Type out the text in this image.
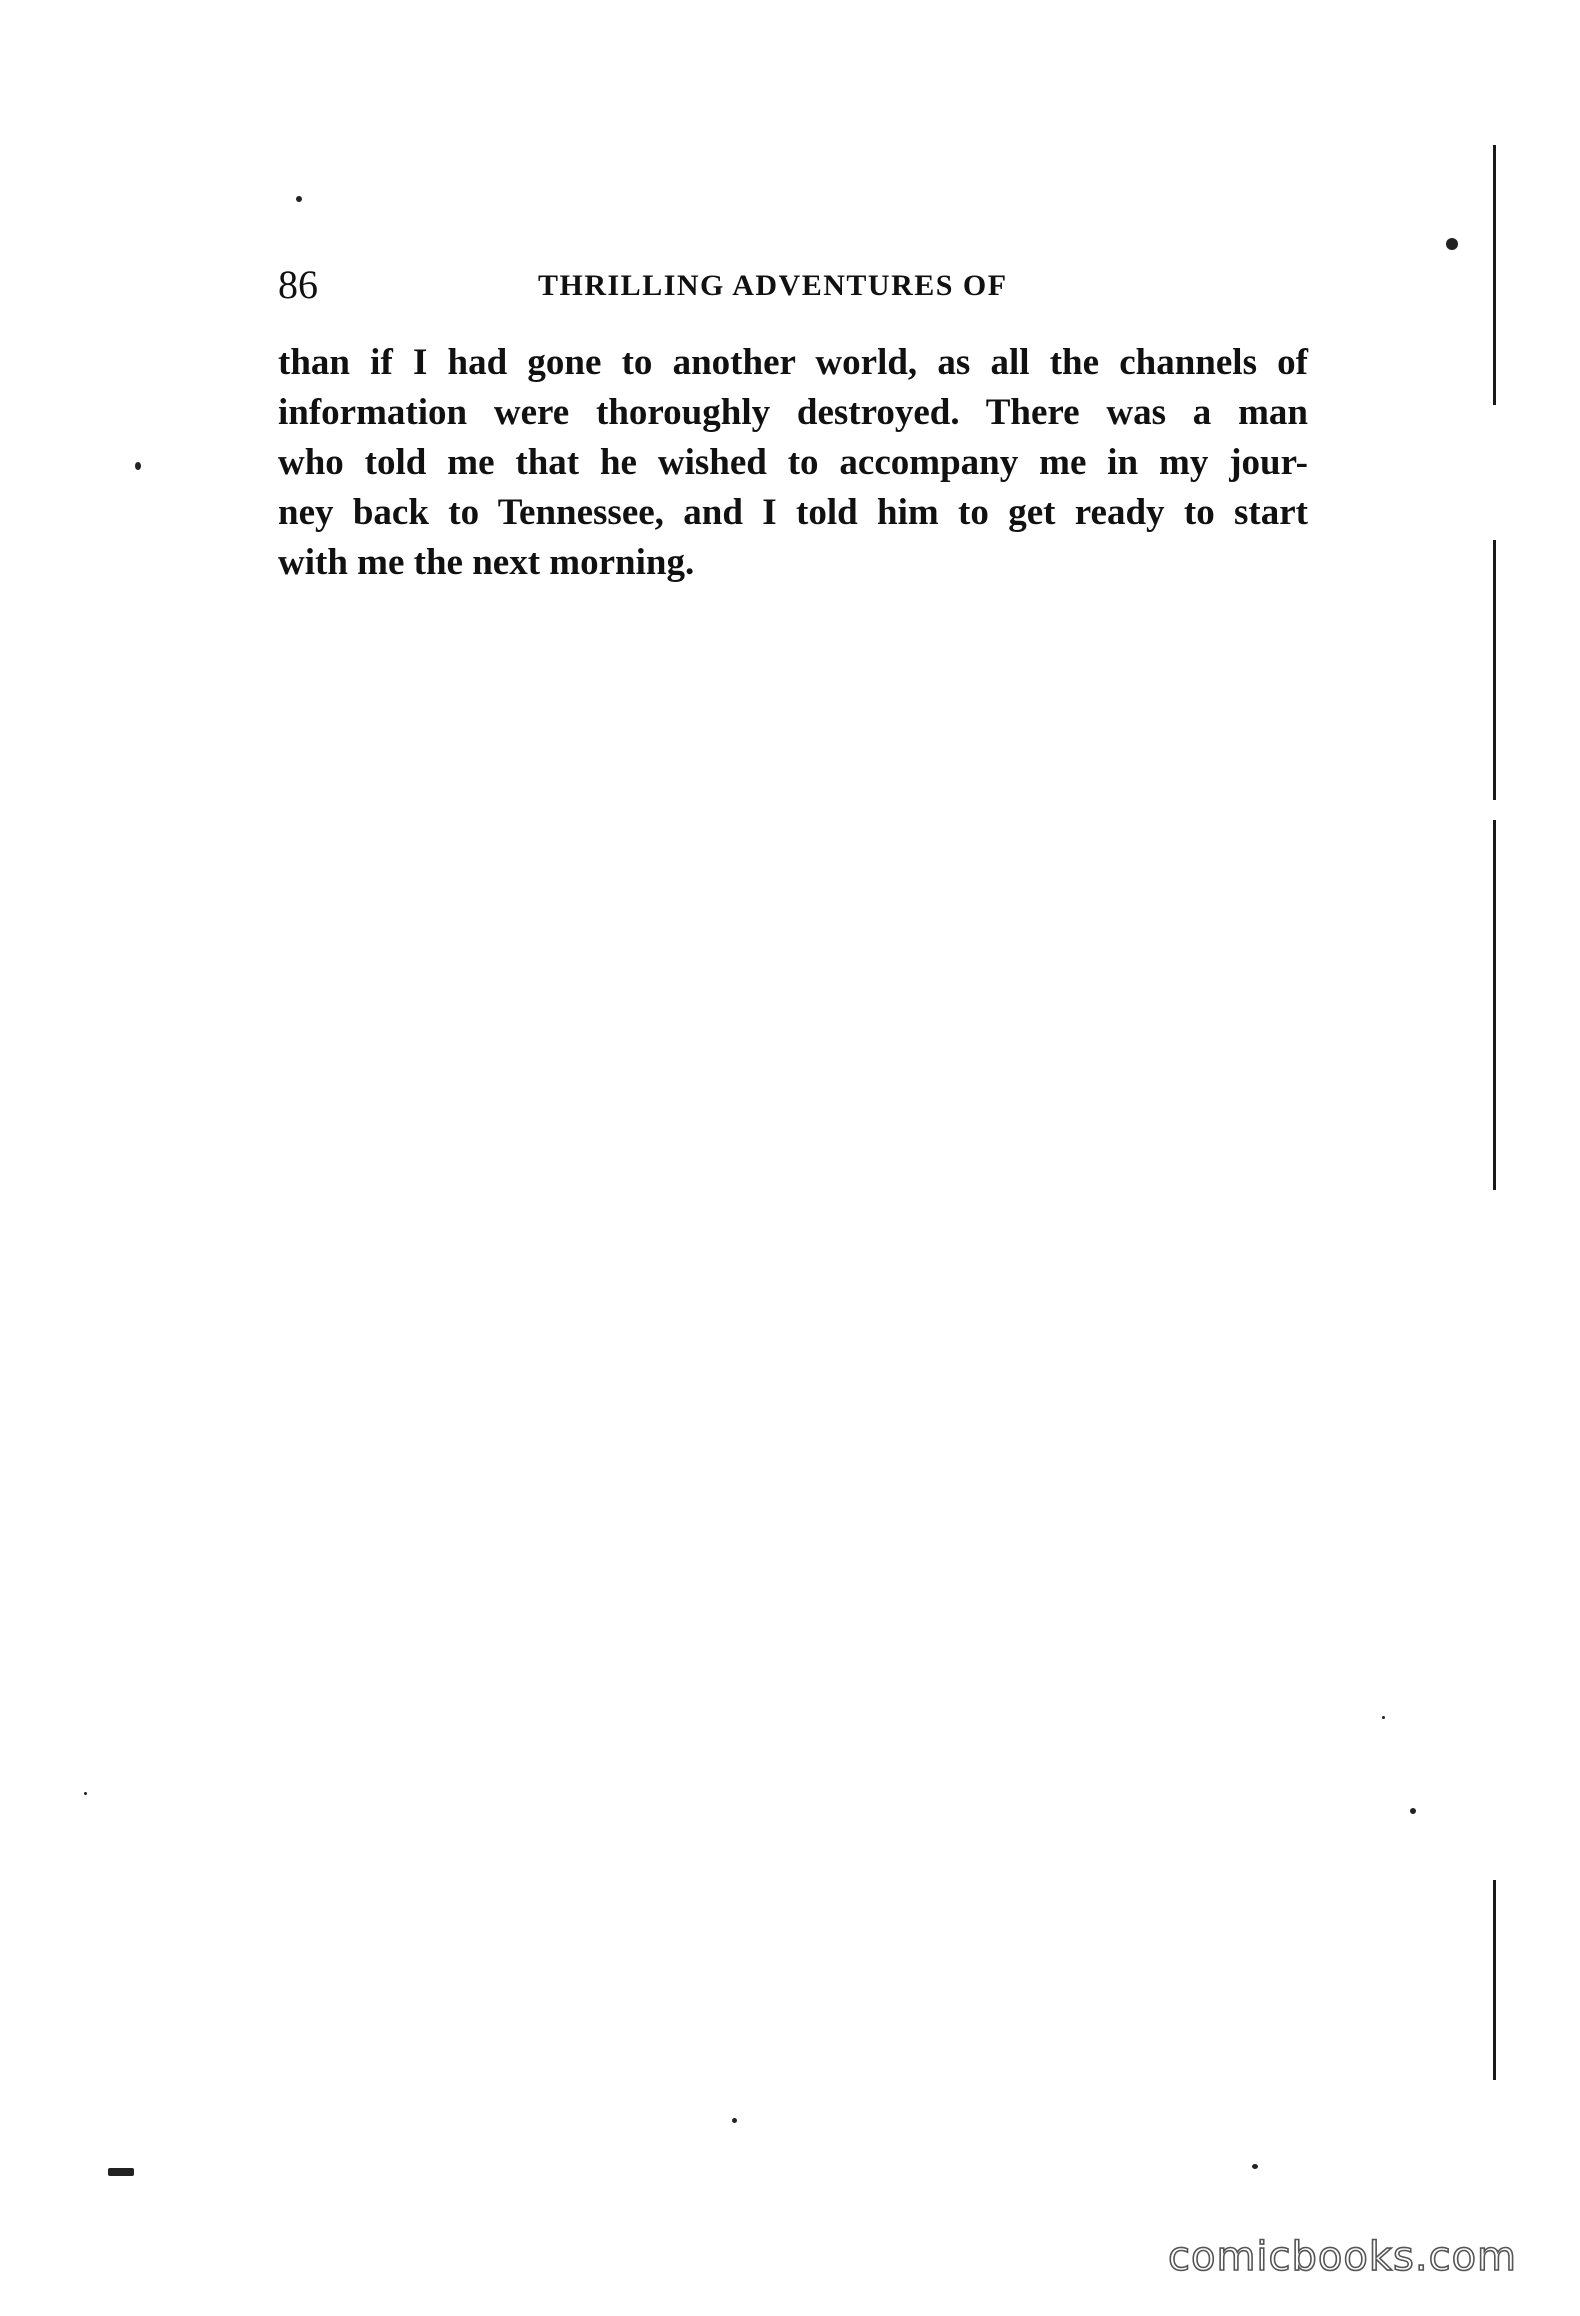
86	THRILLING ADVENTURES OF
than if I had gone to another world, as all the channels of
information were thoroughly destroyed. There was a man
who told me that he wished to accompany me in my jour-
ney back to Tennessee, and I told him to get ready to start
with me the next morning.
comicbooks.com
